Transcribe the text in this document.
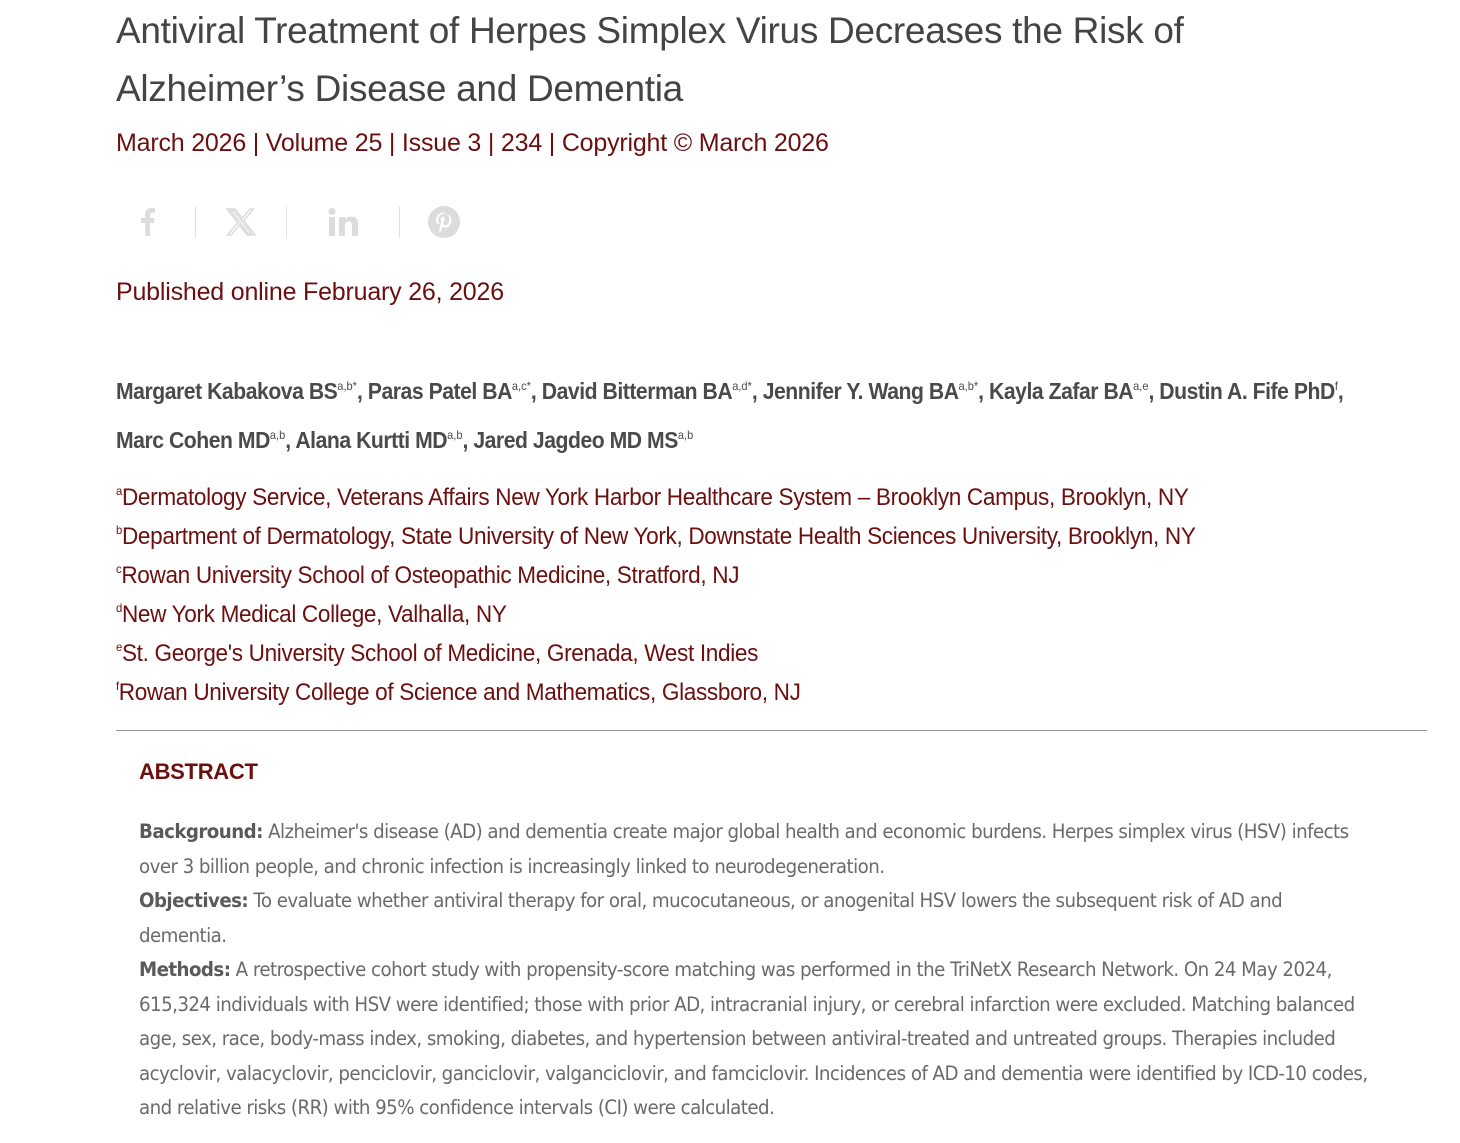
Antiviral Treatment of Herpes Simplex Virus Decreases the Risk of
Alzheimer’s Disease and Dementia
March 2026 | Volume 25 | Issue 3 | 234 | Copyright © March 2026
Published online February 26, 2026
Margaret Kabakova $BS^{a,b*}$, Paras Patel $BA^{a,c*}$, David Bitterman $BA^{a,d*}$, Jennifer Y. Wang $BA^{a,b*}$, Kayla Zafar BA$^{a,e}$, Dustin A. Fife PhD$^f$,
Marc Cohen MD$^{a,b}$, Alana Kurtti MD$^{a,b}$, Jared Jagdeo MD MS$^{a,b}$
$^a$Dermatology Service, Veterans Affairs New York Harbor Healthcare System – Brooklyn Campus, Brooklyn, NY
$^b$Department of Dermatology, State University of New York, Downstate Health Sciences University, Brooklyn, NY
$^c$Rowan University School of Osteopathic Medicine, Stratford, NJ
$^d$New York Medical College, Valhalla, NY
$^e$St. George's University School of Medicine, Grenada, West Indies
$^f$Rowan University College of Science and Mathematics, Glassboro, NJ
ABSTRACT

Background: Alzheimer's disease (AD) and dementia create major global health and economic burdens. Herpes simplex virus (HSV) infects over 3 billion people, and chronic infection is increasingly linked to neurodegeneration.

Objectives: To evaluate whether antiviral therapy for oral, mucocutaneous, or anogenital HSV lowers the subsequent risk of AD and dementia.

Methods: A retrospective cohort study with propensity-score matching was performed in the TriNetX Research Network. On 24 May 2024, 615,324 individuals with HSV were identified; those with prior AD, intracranial injury, or cerebral infarction were excluded. Matching balanced age, sex, race, body-mass index, smoking, diabetes, and hypertension between antiviral-treated and untreated groups. Therapies included acyclovir, valacyclovir, penciclovir, ganciclovir, valganciclovir, and famciclovir. Incidences of AD and dementia were identified by ICD-10 codes, and relative risks (RR) with 95% confidence intervals (CI) were calculated.
